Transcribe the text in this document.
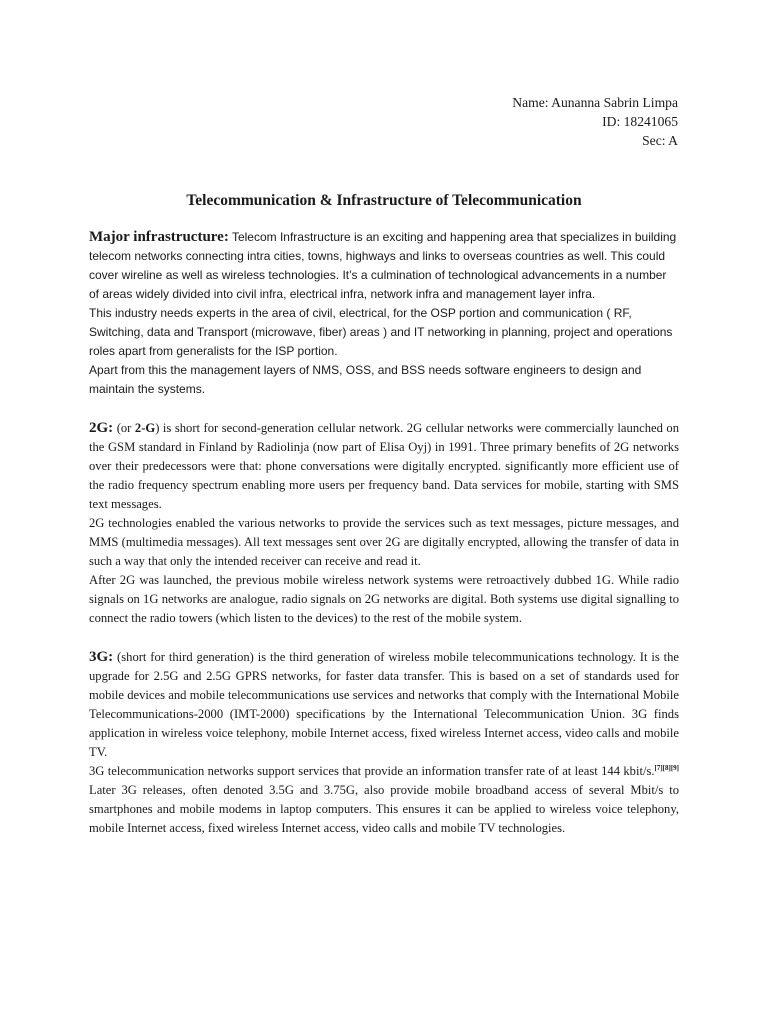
Name: Aunanna Sabrin Limpa
ID: 18241065
Sec: A
Telecommunication & Infrastructure of Telecommunication

Major infrastructure: Telecom Infrastructure is an exciting and happening area that specializes in building telecom networks connecting intra cities, towns, highways and links to overseas countries as well. This could cover wireline as well as wireless technologies. It’s a culmination of technological advancements in a number of areas widely divided into civil infra, electrical infra, network infra and management layer infra.

This industry needs experts in the area of civil, electrical, for the OSP portion and communication ( RF, Switching, data and Transport (microwave, fiber) areas ) and IT networking in planning, project and operations roles apart from generalists for the ISP portion.

Apart from this the management layers of NMS, OSS, and BSS needs software engineers to design and maintain the systems.

2G: (or 2-G) is short for second-generation cellular network. 2G cellular networks were commercially launched on the GSM standard in Finland by Radiolinja (now part of Elisa Oyj) in 1991. Three primary benefits of 2G networks over their predecessors were that: phone conversations were digitally encrypted. significantly more efficient use of the radio frequency spectrum enabling more users per frequency band. Data services for mobile, starting with SMS text messages.

2G technologies enabled the various networks to provide the services such as text messages, picture messages, and MMS (multimedia messages). All text messages sent over 2G are digitally encrypted, allowing the transfer of data in such a way that only the intended receiver can receive and read it.

After 2G was launched, the previous mobile wireless network systems were retroactively dubbed 1G. While radio signals on 1G networks are analogue, radio signals on 2G networks are digital. Both systems use digital signalling to connect the radio towers (which listen to the devices) to the rest of the mobile system.

3G: (short for third generation) is the third generation of wireless mobile telecommunications technology. It is the upgrade for 2.5G and 2.5G GPRS networks, for faster data transfer. This is based on a set of standards used for mobile devices and mobile telecommunications use services and networks that comply with the International Mobile Telecommunications-2000 (IMT-2000) specifications by the International Telecommunication Union. 3G finds application in wireless voice telephony, mobile Internet access, fixed wireless Internet access, video calls and mobile TV.

3G telecommunication networks support services that provide an information transfer rate of at least 144 kbit/s.[7][8][9] Later 3G releases, often denoted 3.5G and 3.75G, also provide mobile broadband access of several Mbit/s to smartphones and mobile modems in laptop computers. This ensures it can be applied to wireless voice telephony, mobile Internet access, fixed wireless Internet access, video calls and mobile TV technologies.
